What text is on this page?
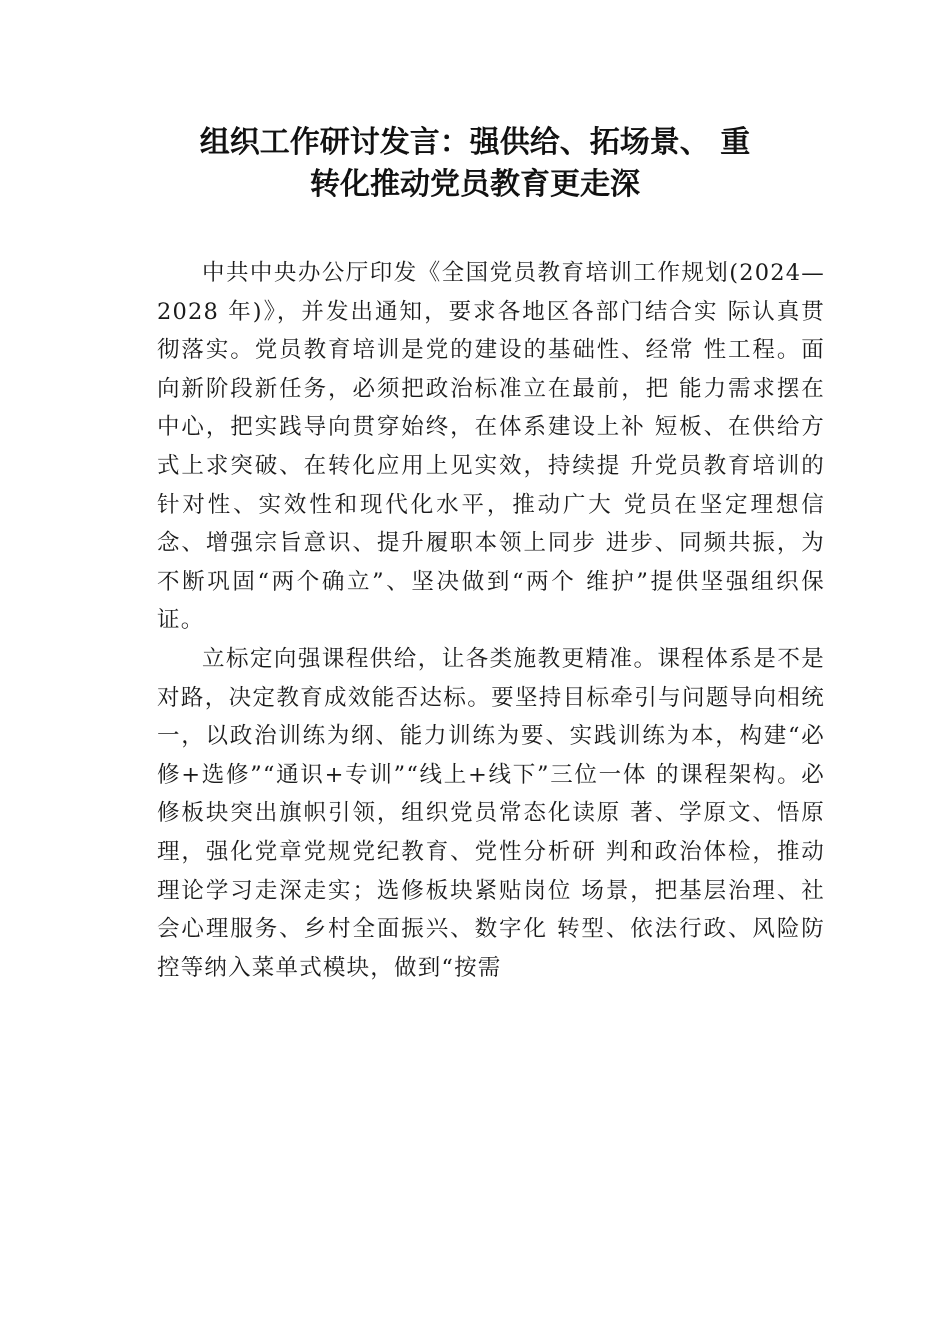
组织工作研讨发言：强供给、拓场景、 重
转化推动党员教育更走深

中共中央办公厅印发《全国党员教育培训工作规划(2024—2028 年)》，并发出通知，要求各地区各部门结合实 际认真贯彻落实。党员教育培训是党的建设的基础性、经常 性工程。面向新阶段新任务，必须把政治标准立在最前，把 能力需求摆在中心，把实践导向贯穿始终，在体系建设上补 短板、在供给方式上求突破、在转化应用上见实效，持续提 升党员教育培训的针对性、实效性和现代化水平，推动广大 党员在坚定理想信念、增强宗旨意识、提升履职本领上同步 进步、同频共振，为不断巩固“两个确立”、坚决做到“两个 维护”提供坚强组织保证。

立标定向强课程供给，让各类施教更精准。课程体系是不是对路，决定教育成效能否达标。要坚持目标牵引与问题导向相统一，以政治训练为纲、能力训练为要、实践训练为本，构建“必修+选修”“通识+专训”“线上+线下”三位一体 的课程架构。必修板块突出旗帜引领，组织党员常态化读原 著、学原文、悟原理，强化党章党规党纪教育、党性分析研 判和政治体检，推动理论学习走深走实；选修板块紧贴岗位 场景，把基层治理、社会心理服务、乡村全面振兴、数字化 转型、依法行政、风险防控等纳入菜单式模块，做到“按需
